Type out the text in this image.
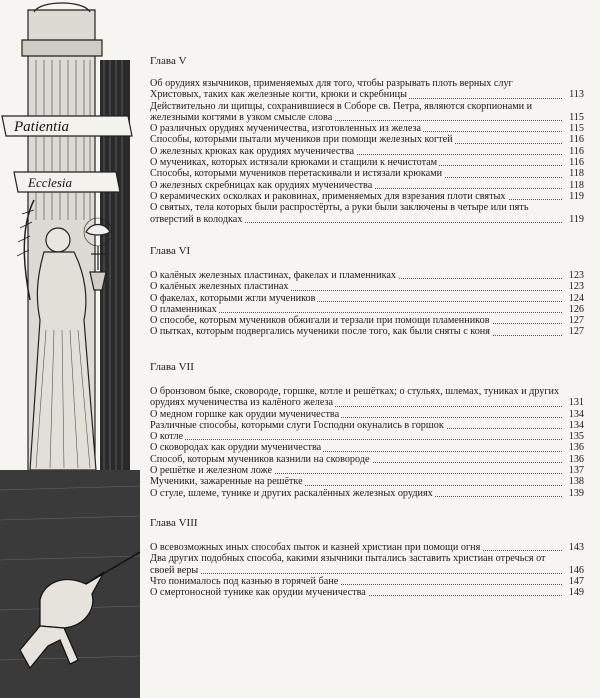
Patientia
Ecclesia
Глава V

Об орудиях язычников, применяемых для того, чтобы разрывать плоть верных слуг Христовых, таких как железные когти, крюки и скребницы	113

Действительно ли щипцы, сохранившиеся в Соборе св. Петра, являются скорпионами и железными когтями в узком смысле слова	115

О различных орудиях мученичества, изготовленных из железа	115

Способы, которыми пытали мучеников при помощи железных когтей	116

О железных крюках как орудиях мученичества	116

О мучениках, которых истязали крюками и стащили к нечистотам	116

Способы, которыми мучеников перетаскивали и истязали крюками	118

О железных скребницах как орудиях мученичества	118

О керамических осколках и раковинах, применяемых для взрезания плоти святых	119

О святых, тела которых были распростёрты, а руки были заключены в четыре или пять отверстий в колодках	119

Глава VI

О калёных железных пластинах, факелах и пламенниках	123

О калёных железных пластинах	123

О факелах, которыми жгли мучеников	124

О пламенниках	126

О способе, которым мучеников обжигали и терзали при помощи пламенников	127

О пытках, которым подвергались мученики после того, как были сняты с коня	127

Глава VII

О бронзовом быке, сковороде, горшке, котле и решётках; о стульях, шлемах, туниках и других орудиях мученичества из калёного железа	131

О медном горшке как орудии мученичества	134

Различные способы, которыми слуги Господни окунались в горшок	134

О котле	135

О сковородах как орудии мученичества	136

Способ, которым мучеников казнили на сковороде	136

О решётке и железном ложе	137

Мученики, зажаренные на решётке	138

О стуле, шлеме, тунике и других раскалённых железных орудиях	139

Глава VIII

О всевозможных иных способах пыток и казней христиан при помощи огня	143

Два других подобных способа, какими язычники пытались заставить христиан отречься от своей веры	146

Что понималось под казнью в горячей бане	147

О смертоносной тунике как орудии мученичества	149
